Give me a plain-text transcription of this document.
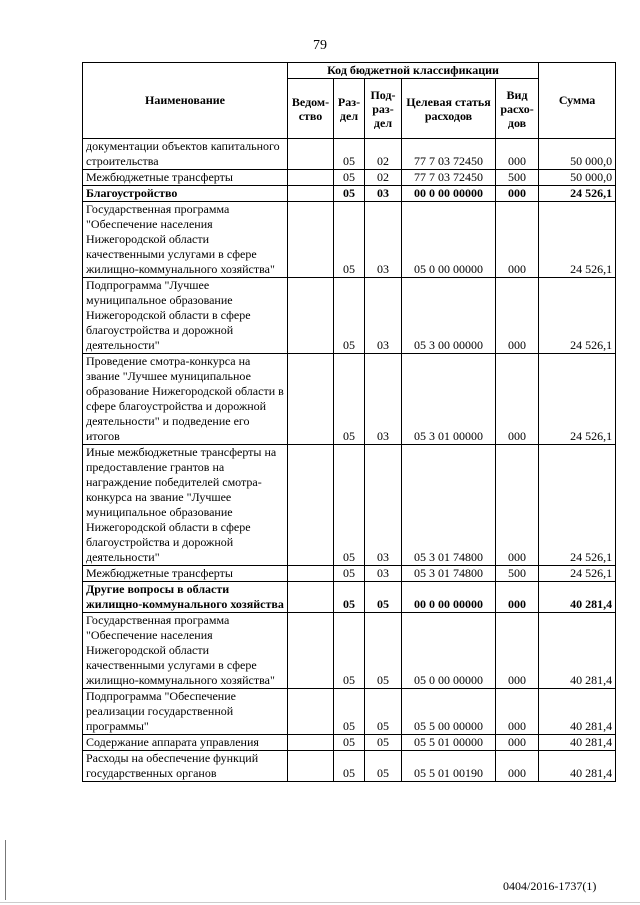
79
Наименование	Код бюджетной классификации					Сумма
	Ведом-ство	Раз-дел	Под-раз-дел	Целевая статья расходов	Вид расхо-дов	
документации объектов капитального строительства		05	02	77 7 03 72450	000	50 000,0
Межбюджетные трансферты		05	02	77 7 03 72450	500	50 000,0
Благоустройство		05	03	00 0 00 00000	000	24 526,1
Государственная программа "Обеспечение населения Нижегородской области качественными услугами в сфере жилищно-коммунального хозяйства"		05	03	05 0 00 00000	000	24 526,1
Подпрограмма "Лучшее муниципальное образование Нижегородской области в сфере благоустройства и дорожной деятельности"		05	03	05 3 00 00000	000	24 526,1
Проведение смотра-конкурса на звание "Лучшее муниципальное образование Нижегородской области в сфере благоустройства и дорожной деятельности" и подведение его итогов		05	03	05 3 01 00000	000	24 526,1
Иные межбюджетные трансферты на предоставление грантов на награждение победителей смотра-конкурса на звание "Лучшее муниципальное образование Нижегородской области в сфере благоустройства и дорожной деятельности"		05	03	05 3 01 74800	000	24 526,1
Межбюджетные трансферты		05	03	05 3 01 74800	500	24 526,1
Другие вопросы в области жилищно-коммунального хозяйства		05	05	00 0 00 00000	000	40 281,4
Государственная программа "Обеспечение населения Нижегородской области качественными услугами в сфере жилищно-коммунального хозяйства"		05	05	05 0 00 00000	000	40 281,4
Подпрограмма "Обеспечение реализации государственной программы"		05	05	05 5 00 00000	000	40 281,4
Содержание аппарата управления		05	05	05 5 01 00000	000	40 281,4
Расходы на обеспечение функций государственных органов		05	05	05 5 01 00190	000	40 281,4
0404/2016-1737(1)
